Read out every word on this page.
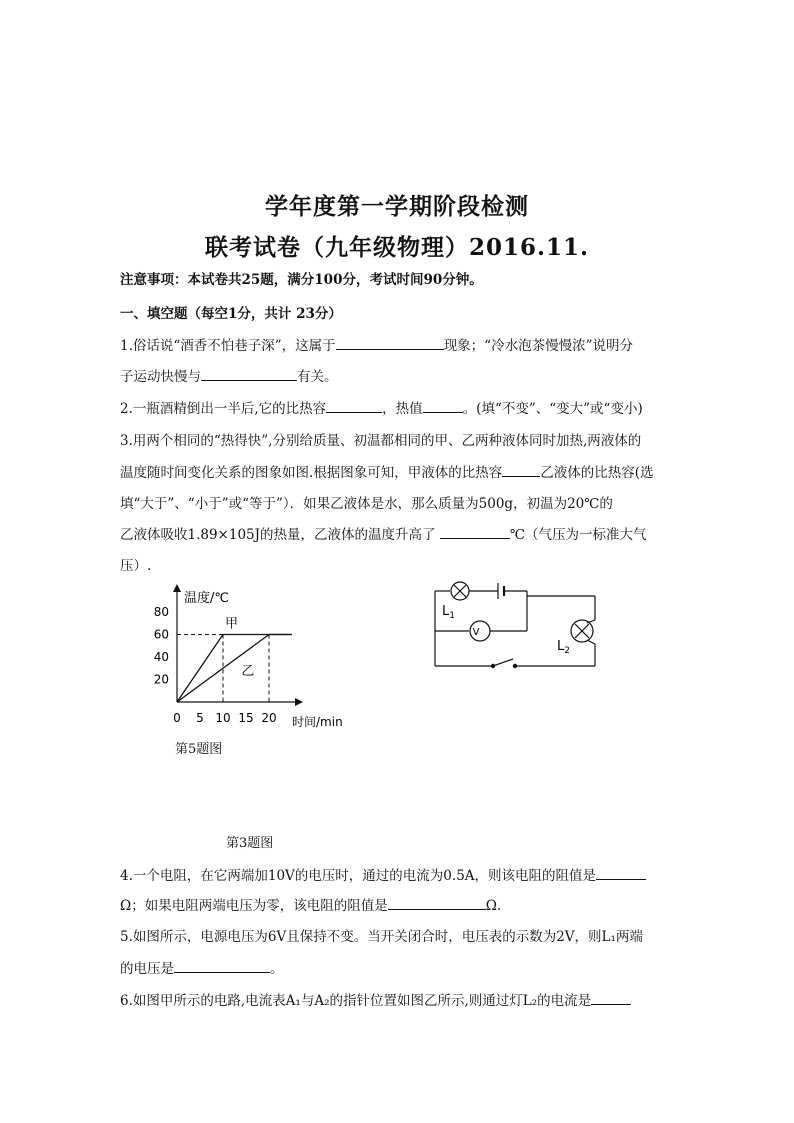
学年度第一学期阶段检测
联考试卷（九年级物理）2016.11.
注意事项：本试卷共25题，满分100分，考试时间90分钟。
一、填空题（每空1分，共计 23分）
1.俗话说“酒香不怕巷子深”，这属于	现象；“冷水泡茶慢慢浓”说明分
子运动快慢与	有关。
2.一瓶酒精倒出一半后,它的比热容	，热值	。(填“不变”、“变大”或“变小)
3.用两个相同的“热得快”,分别给质量、初温都相同的甲、乙两种液体同时加热,两液体的
温度随时间变化关系的图象如图.根据图象可知，甲液体的比热容	乙液体的比热容(选
填“大于”、“小于”或“等于”）．如果乙液体是水，那么质量为500g，初温为20℃的
乙液体吸收1.89×105J的热量，乙液体的温度升高了	℃（气压为一标准大气
压）.
温度/℃
时间/min
0 5 10 15 20
20
40
60
80
甲
乙
$L_1$
V
$L_2$
第5题图
第3题图
4.一个电阻，在它两端加10V的电压时，通过的电流为0.5A，则该电阻的阻值是
Ω；如果电阻两端电压为零，该电阻的阻值是	Ω.
5.如图所示，电源电压为6V且保持不变。当开关闭合时，电压表的示数为2V，则L₁两端
的电压是	。
6.如图甲所示的电路,电流表A₁与A₂的指针位置如图乙所示,则通过灯L₂的电流是
